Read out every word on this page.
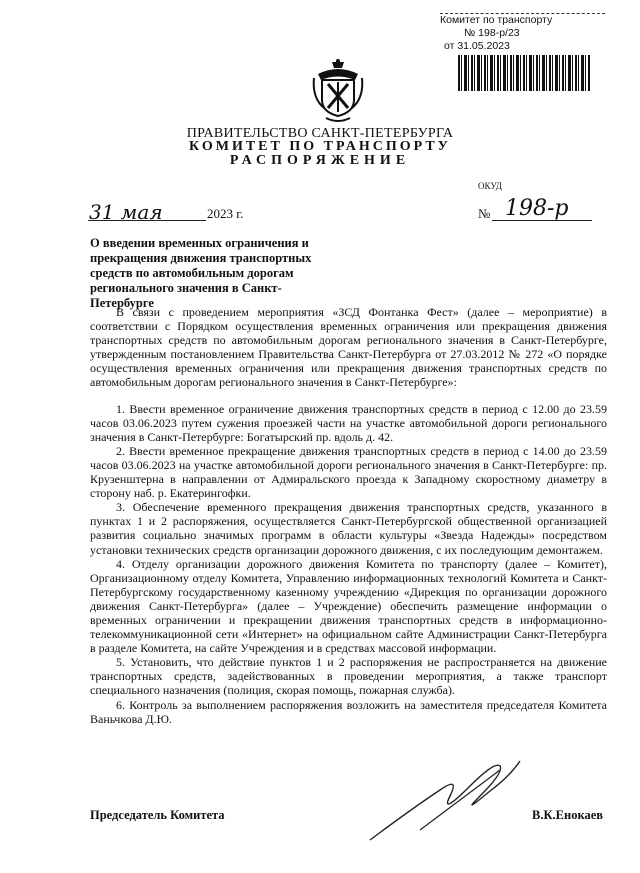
Комитет по транспорту
№ 198-р/23
от 31.05.2023
ПРАВИТЕЛЬСТВО САНКТ-ПЕТЕРБУРГА
КОМИТЕТ ПО ТРАНСПОРТУ
РАСПОРЯЖЕНИЕ
ОКУД
31 мая	2023 г.	№ 198-р
О введении временных ограничения и прекращения движения транспортных средств по автомобильным дорогам регионального значения в Санкт-Петербурге

В связи с проведением мероприятия «ЗСД Фонтанка Фест» (далее – мероприятие) в соответствии с Порядком осуществления временных ограничения или прекращения движения транспортных средств по автомобильным дорогам регионального значения в Санкт-Петербурге, утвержденным постановлением Правительства Санкт-Петербурга от 27.03.2012 № 272 «О порядке осуществления временных ограничения или прекращения движения транспортных средств по автомобильным дорогам регионального значения в Санкт-Петербурге»:

1. Ввести временное ограничение движения транспортных средств в период с 12.00 до 23.59 часов 03.06.2023 путем сужения проезжей части на участке автомобильной дороги регионального значения в Санкт-Петербурге: Богатырский пр. вдоль д. 42.

2. Ввести временное прекращение движения транспортных средств в период с 14.00 до 23.59 часов 03.06.2023 на участке автомобильной дороги регионального значения в Санкт-Петербурге: пр. Крузенштерна в направлении от Адмиральского проезда к Западному скоростному диаметру в сторону наб. р. Екатерингофки.

3. Обеспечение временного прекращения движения транспортных средств, указанного в пунктах 1 и 2 распоряжения, осуществляется Санкт-Петербургской общественной организацией развития социально значимых программ в области культуры «Звезда Надежды» посредством установки технических средств организации дорожного движения, с их последующим демонтажем.

4. Отделу организации дорожного движения Комитета по транспорту (далее – Комитет), Организационному отделу Комитета, Управлению информационных технологий Комитета и Санкт-Петербургскому государственному казенному учреждению «Дирекция по организации дорожного движения Санкт-Петербурга» (далее – Учреждение) обеспечить размещение информации о временных ограничении и прекращении движения транспортных средств в информационно-телекоммуникационной сети «Интернет» на официальном сайте Администрации Санкт-Петербурга в разделе Комитета, на сайте Учреждения и в средствах массовой информации.

5. Установить, что действие пунктов 1 и 2 распоряжения не распространяется на движение транспортных средств, задействованных в проведении мероприятия, а также транспорт специального назначения (полиция, скорая помощь, пожарная служба).

6. Контроль за выполнением распоряжения возложить на заместителя председателя Комитета Ваньчкова Д.Ю.

Председатель Комитета	В.К.Енокаев
